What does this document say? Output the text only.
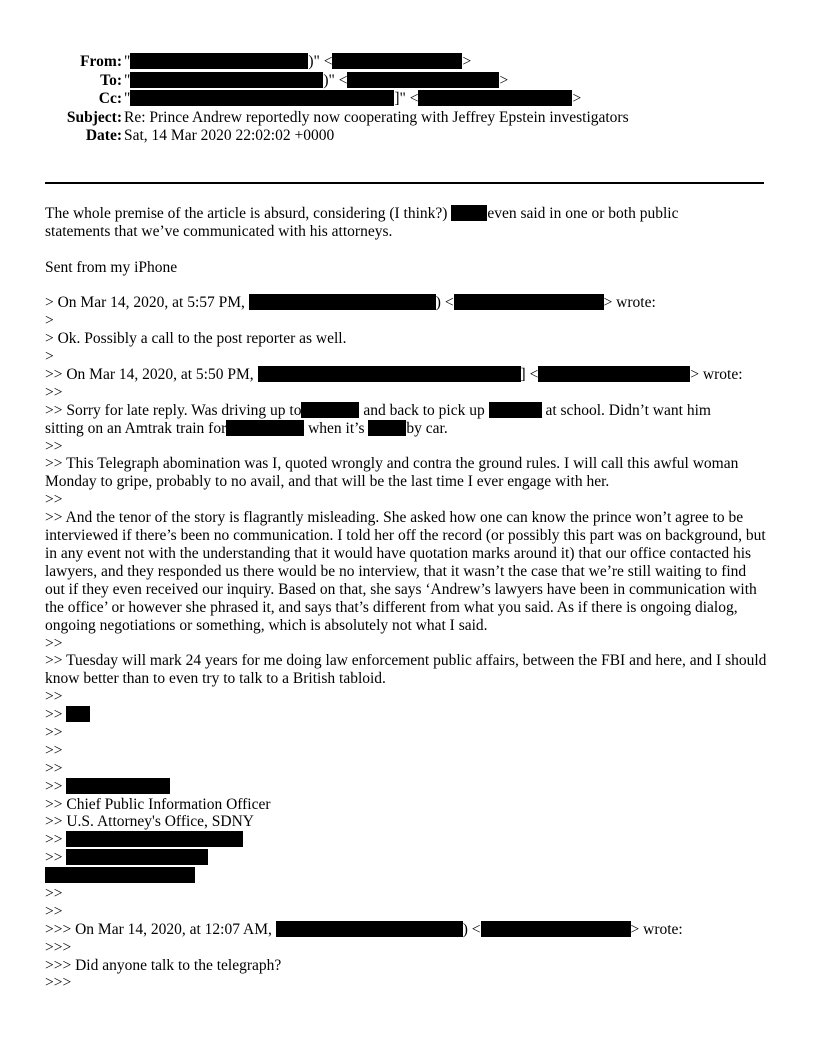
From: "	)" <	>
To: "	)" <	>
Cc: "	]" <	>
Subject: Re: Prince Andrew reportedly now cooperating with Jeffrey Epstein investigators
Date: Sat, 14 Mar 2020 22:02:02 +0000
The whole premise of the article is absurd, considering (I think?)	even said in one or both public
statements that we’ve communicated with his attorneys.
Sent from my iPhone
> On Mar 14, 2020, at 5:57 PM,	) <	> wrote:
>
> Ok. Possibly a call to the post reporter as well.
>
>> On Mar 14, 2020, at 5:50 PM,	] <	> wrote:
>>
>> Sorry for late reply. Was driving up to	and back to pick up	at school. Didn’t want him
sitting on an Amtrak train for	when it’s	by car.
>>
>> This Telegraph abomination was I, quoted wrongly and contra the ground rules. I will call this awful woman Monday to gripe, probably to no avail, and that will be the last time I ever engage with her.
>>
>> And the tenor of the story is flagrantly misleading. She asked how one can know the prince won’t agree to be interviewed if there’s been no communication. I told her off the record (or possibly this part was on background, but in any event not with the understanding that it would have quotation marks around it) that our office contacted his lawyers, and they responded us there would be no interview, that it wasn’t the case that we’re still waiting to find out if they even received our inquiry. Based on that, she says ‘Andrew’s lawyers have been in communication with the office’ or however she phrased it, and says that’s different from what you said. As if there is ongoing dialog, ongoing negotiations or something, which is absolutely not what I said.
>>
>> Tuesday will mark 24 years for me doing law enforcement public affairs, between the FBI and here, and I should know better than to even try to talk to a British tabloid.
>>
>>
>>
>>
>>
>>
>> Chief Public Information Officer
>> U.S. Attorney's Office, SDNY
>>
>>
>>
>>
>>> On Mar 14, 2020, at 12:07 AM,	) <	> wrote:
>>>
>>> Did anyone talk to the telegraph?
>>>
